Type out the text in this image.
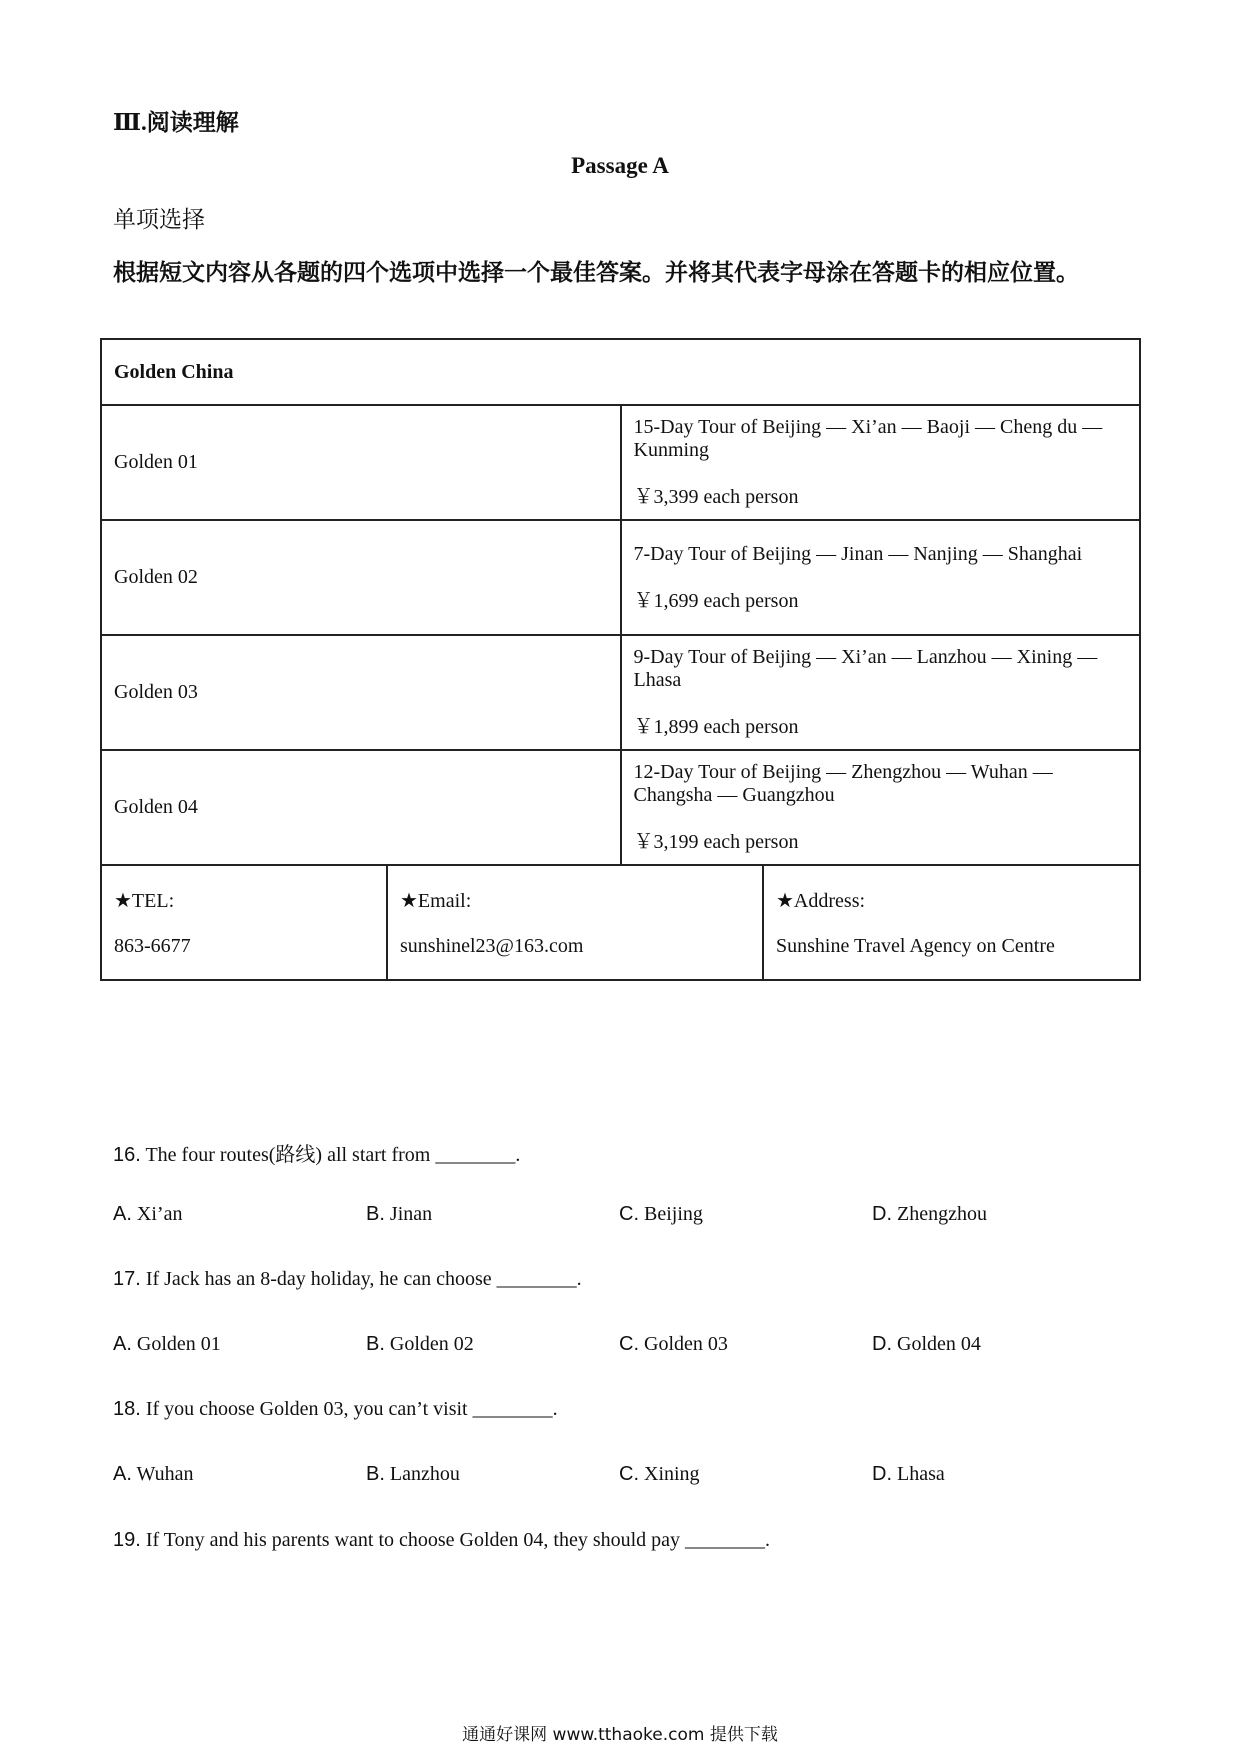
Ⅲ.阅读理解
Passage A
单项选择
根据短文内容从各题的四个选项中选择一个最佳答案。并将其代表字母涂在答题卡的相应位置。
Golden China
Golden 01	
15-Day Tour of Beijing — Xi’an — Baoji — Cheng du — Kunming
￥3,399 each person

Golden 02	
7-Day Tour of Beijing — Jinan — Nanjing — Shanghai
￥1,699 each person

Golden 03	
9-Day Tour of Beijing — Xi’an — Lanzhou — Xining — Lhasa
￥1,899 each person

Golden 04	
12-Day Tour of Beijing — Zhengzhou — Wuhan — Changsha — Guangzhou
￥3,199 each person

★TEL:
863-6677

★Email:
sunshinel23@163.com

★Address:
Sunshine Travel Agency on Centre
16. The four routes(路线) all start from ________.
A. Xi’an	B. Jinan	C. Beijing	D. Zhengzhou
17. If Jack has an 8-day holiday, he can choose ________.
A. Golden 01	B. Golden 02	C. Golden 03	D. Golden 04
18. If you choose Golden 03, you can’t visit ________.
A. Wuhan	B. Lanzhou	C. Xining	D. Lhasa
19. If Tony and his parents want to choose Golden 04, they should pay ________.
通通好课网 www.tthaoke.com 提供下载
